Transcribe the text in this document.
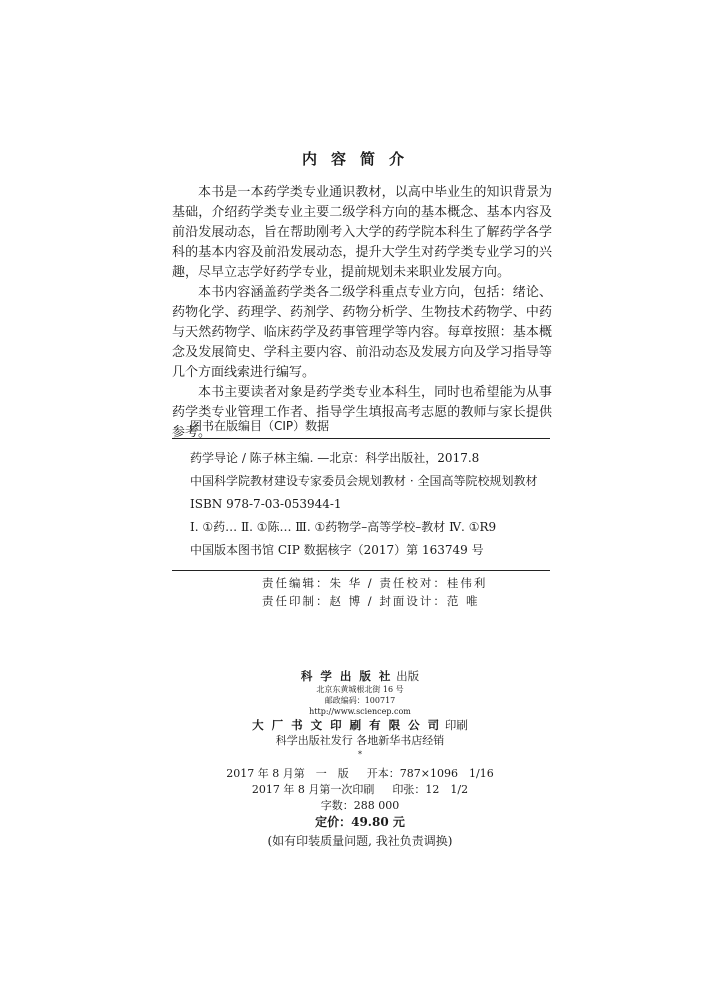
内容简介

本书是一本药学类专业通识教材，以高中毕业生的知识背景为基础，介绍药学类专业主要二级学科方向的基本概念、基本内容及前沿发展动态，旨在帮助刚考入大学的药学院本科生了解药学各学科的基本内容及前沿发展动态，提升大学生对药学类专业学习的兴趣，尽早立志学好药学专业，提前规划未来职业发展方向。

本书内容涵盖药学类各二级学科重点专业方向，包括：绪论、药物化学、药理学、药剂学、药物分析学、生物技术药物学、中药与天然药物学、临床药学及药事管理学等内容。每章按照：基本概念及发展简史、学科主要内容、前沿动态及发展方向及学习指导等几个方面线索进行编写。

本书主要读者对象是药学类专业本科生，同时也希望能为从事药学类专业管理工作者、指导学生填报高考志愿的教师与家长提供参考。

图书在版编目（CIP）数据
药学导论 / 陈子林主编. —北京：科学出版社，2017.8
中国科学院教材建设专家委员会规划教材 · 全国高等院校规划教材
ISBN 978-7-03-053944-1
Ⅰ. ①药… Ⅱ. ①陈… Ⅲ. ①药物学–高等学校–教材 Ⅳ. ①R9
中国版本图书馆 CIP 数据核字（2017）第 163749 号
责任编辑：朱 华 / 责任校对：桂伟利
责任印制：赵 博 / 封面设计：范 唯
科 学 出 版 社 出版
北京东黄城根北街 16 号
邮政编码：100717
http://www.sciencep.com
大 厂 书 文 印 刷 有 限 公 司 印刷
科学出版社发行 各地新华书店经销
*
2017 年 8 月第　一　版 开本：787×1096　1/16
2017 年 8 月第一次印刷 印张：12　1/2
字数：288 000
定价：49.80 元
(如有印装质量问题, 我社负责调换)
